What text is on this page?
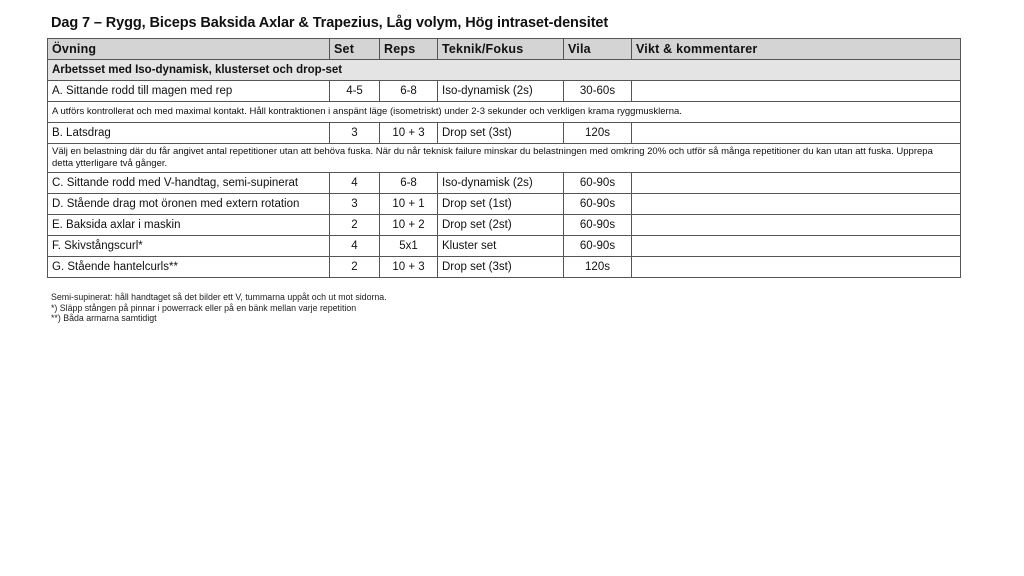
Dag 7 – Rygg, Biceps Baksida Axlar & Trapezius, Låg volym, Hög intraset-densitet
Övning	Set	Reps	Teknik/Fokus	Vila	Vikt & kommentarer
Arbetsset med Iso-dynamisk, klusterset och drop-set					
A. Sittande rodd till magen med rep	4-5	6-8	Iso-dynamisk (2s)	30-60s	
A utförs kontrollerat och med maximal kontakt. Håll kontraktionen i anspänt läge (isometriskt) under 2-3 sekunder och verkligen krama ryggmusklerna.					
B. Latsdrag	3	10 + 3	Drop set (3st)	120s	
Välj en belastning där du får angivet antal repetitioner utan att behöva fuska. När du når teknisk failure minskar du belastningen med omkring 20% och utför så många repetitioner du kan utan att fuska. Upprepa detta ytterligare två gånger.					
C. Sittande rodd med V-handtag, semi-supinerat	4	6-8	Iso-dynamisk (2s)	60-90s	
D. Stående drag mot öronen med extern rotation	3	10 + 1	Drop set (1st)	60-90s	
E. Baksida axlar i maskin	2	10 + 2	Drop set (2st)	60-90s	
F. Skivstångscurl*	4	5x1	Kluster set	60-90s	
G. Stående hantelcurls**	2	10 + 3	Drop set (3st)	120s	
Semi-supinerat: håll handtaget så det bilder ett V, tummarna uppåt och ut mot sidorna.
*) Släpp stången på pinnar i powerrack eller på en bänk mellan varje repetition
**) Båda armarna samtidigt
